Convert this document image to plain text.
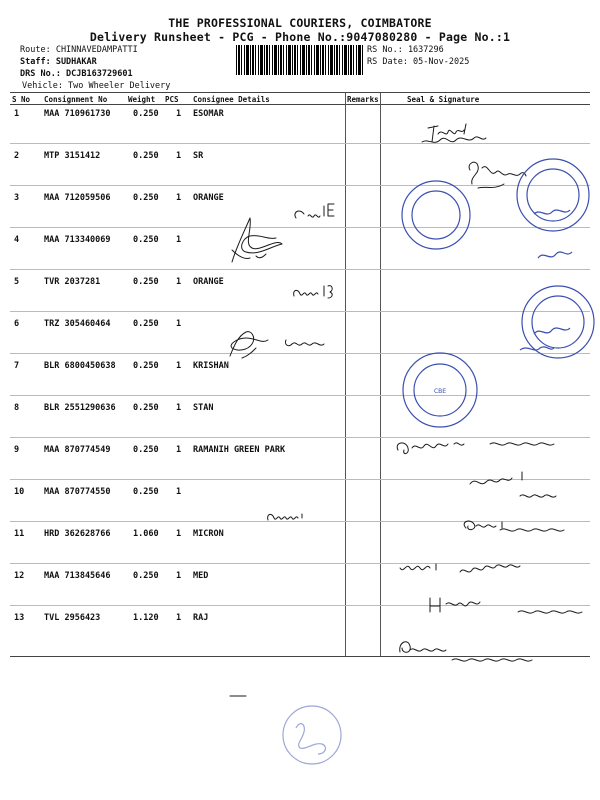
THE PROFESSIONAL COURIERS, COIMBATORE
Delivery Runsheet - PCG - Phone No.:9047080280 - Page No.:1
Route: CHINNAVEDAMPATTI
Staff: SUDHAKAR
DRS No.: DCJB163729601
Vehicle: Two Wheeler Delivery
RS No.: 1637296
RS Date: 05-Nov-2025
S No Consignment No	Weight PCS Consignee Details	Remarks	Seal & Signature
1	MAA 710961730	0.250 1 ESOMAR
2	MTP 3151412	0.250 1 SR
3	MAA 712059506	0.250 1 ORANGE
4	MAA 713340069	0.250 1
5	TVR 2037281	0.250 1 ORANGE
6	TRZ 305460464	0.250 1
7	BLR 6800450638 0.250 1 KRISHAN
8	BLR 2551290636 0.250 1 STAN
9	MAA 870774549	0.250 1 RAMANIH GREEN PARK
10 MAA 870774550	0.250 1
11 HRD 362628766	1.060 1 MICRON
12 MAA 713845646	0.250 1 MED
13 TVL 2956423	1.120 1 RAJ
CBE
